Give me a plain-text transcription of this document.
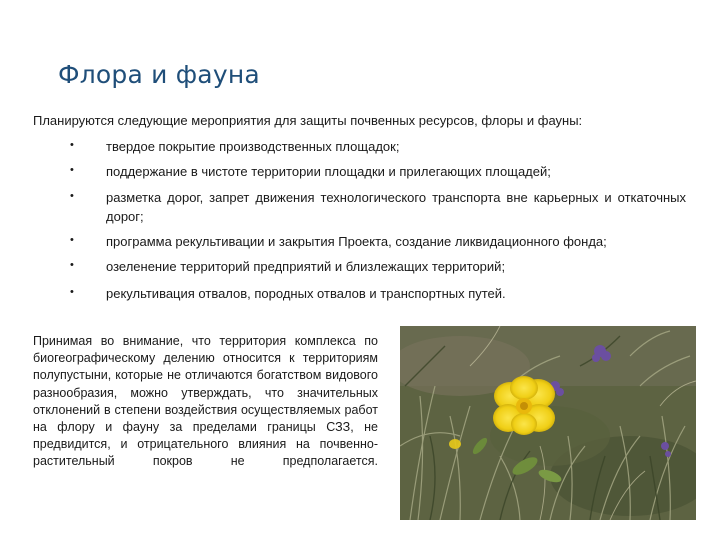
Флора и фауна

Планируются следующие мероприятия для защиты почвенных ресурсов, флоры и фауны:

• твердое покрытие производственных площадок;
• поддержание в чистоте территории площадки и прилегающих площадей;
• разметка дорог, запрет движения технологического транспорта вне карьерных и откаточных дорог;
• программа рекультивации и закрытия Проекта, создание ликвидационного фонда;
• озеленение территорий предприятий и близлежащих территорий;
• рекультивация отвалов, породных отвалов и транспортных путей.

Принимая во внимание, что территория комплекса по биогеографическому делению относится к территориям полупустыни, которые не отличаются богатством видового разнообразия, можно утверждать, что значительных отклонений в степени воздействия осуществляемых работ на флору и фауну за пределами границы СЗЗ, не предвидится, и отрицательного влияния на почвенно-растительный покров не предполагается.
